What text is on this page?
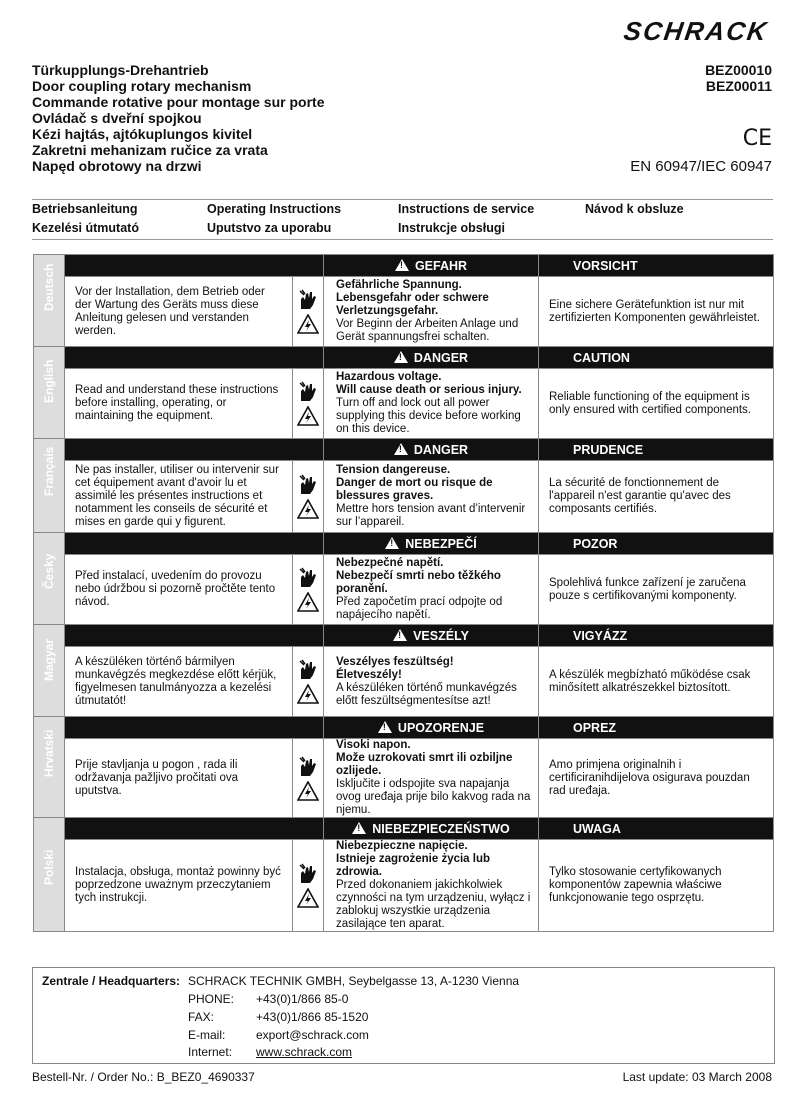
SCHRACK
Türkupplungs-Drehantrieb
Door coupling rotary mechanism
Commande rotative pour montage sur porte
Ovládač s dveřní spojkou
Kézi hajtás, ajtókuplungos kivitel
Zakretni mehanizam ručice za vrata
Napęd obrotowy na drzwi
BEZ00010
BEZ00011
CE
EN 60947/IEC 60947
Betriebsanleitung	Operating Instructions	Instructions de service	Návod k obsluze
Kezelési útmutató	Uputstvo za uporabu	Instrukcje obsługi
Deutsch			! GEFAHR	VORSICHT
	Vor der Installation, dem Betrieb oder der Wartung des Geräts muss diese Anleitung gelesen und verstanden werden.		Gefährliche Spannung.
Lebensgefahr oder schwere Verletzungsgefahr.
Vor Beginn der Arbeiten Anlage und Gerät spannungsfrei schalten.	Eine sichere Gerätefunktion ist nur mit zertifizierten Komponenten gewährleistet.

English			! DANGER	CAUTION
	Read and understand these instructions before installing, operating, or maintaining the equipment.		Hazardous voltage.
Will cause death or serious injury.
Turn off and lock out all power supplying this device before working on this device.	Reliable functioning of the equipment is only ensured with certified components.

Français			! DANGER	PRUDENCE
	Ne pas installer, utiliser ou intervenir sur cet équipement avant d'avoir lu et assimilé les présentes instructions et notamment les conseils de sécurité et mises en garde qui y figurent.		Tension dangereuse.
Danger de mort ou risque de blessures graves.
Mettre hors tension avant d’intervenir sur l’appareil.	La sécurité de fonctionnement de l'appareil n'est garantie qu'avec des composants certifiés.

Česky			! NEBEZPEČÍ	POZOR
	Před instalací, uvedením do provozu nebo údržbou si pozorně pročtěte tento návod.		Nebezpečné napětí.
Nebezpečí smrti nebo těžkého poranění.
Před započetím prací odpojte od napájecího napětí.	Spolehlivá funkce zařízení je zaručena pouze s certifikovanými komponenty.

Magyar			! VESZÉLY	VIGYÁZZ
	A készüléken történő bármilyen munkavégzés megkezdése előtt kérjük, figyelmesen tanulmányozza a kezelési útmutatót!		Veszélyes feszültség!
Életveszély!
A készüléken történő munkavégzés előtt feszültségmentesítse azt!	A készülék megbízható működése csak minősített alkatrészekkel biztosított.

Hrvatski			! UPOZORENJE	OPREZ
	Prije stavljanja u pogon , rada ili održavanja pažljivo pročitati ova uputstva.		Visoki napon.
Može uzrokovati smrt ili ozbiljne ozlijede.
Isključite i odspojite sva napajanja ovog uređaja prije bilo kakvog rada na njemu.	Amo primjena originalnih i certificiranihdijelova osigurava pouzdan rad uređaja.

Polski			! NIEBEZPIECZEŃSTWO	UWAGA
	Instalacja, obsługa, montaż powinny być poprzedzone uważnym przeczytaniem tych instrukcji.		Niebezpieczne napięcie.
Istnieje zagrożenie życia lub zdrowia.
Przed dokonaniem jakichkolwiek czynności na tym urządzeniu, wyłącz i zablokuj wszystkie urządzenia zasilające ten aparat.	Tylko stosowanie certyfikowanych komponentów zapewnia właściwe funkcjonowanie tego osprzętu.
Zentrale / Headquarters: SCHRACK TECHNIK GMBH, Seybelgasse 13, A-1230 Vienna
PHONE: +43(0)1/866 85-0
FAX:	+43(0)1/866 85-1520
E-mail:	export@schrack.com
Internet: www.schrack.com
Bestell-Nr. / Order No.: B_BEZ0_4690337	Last update: 03 March 2008
